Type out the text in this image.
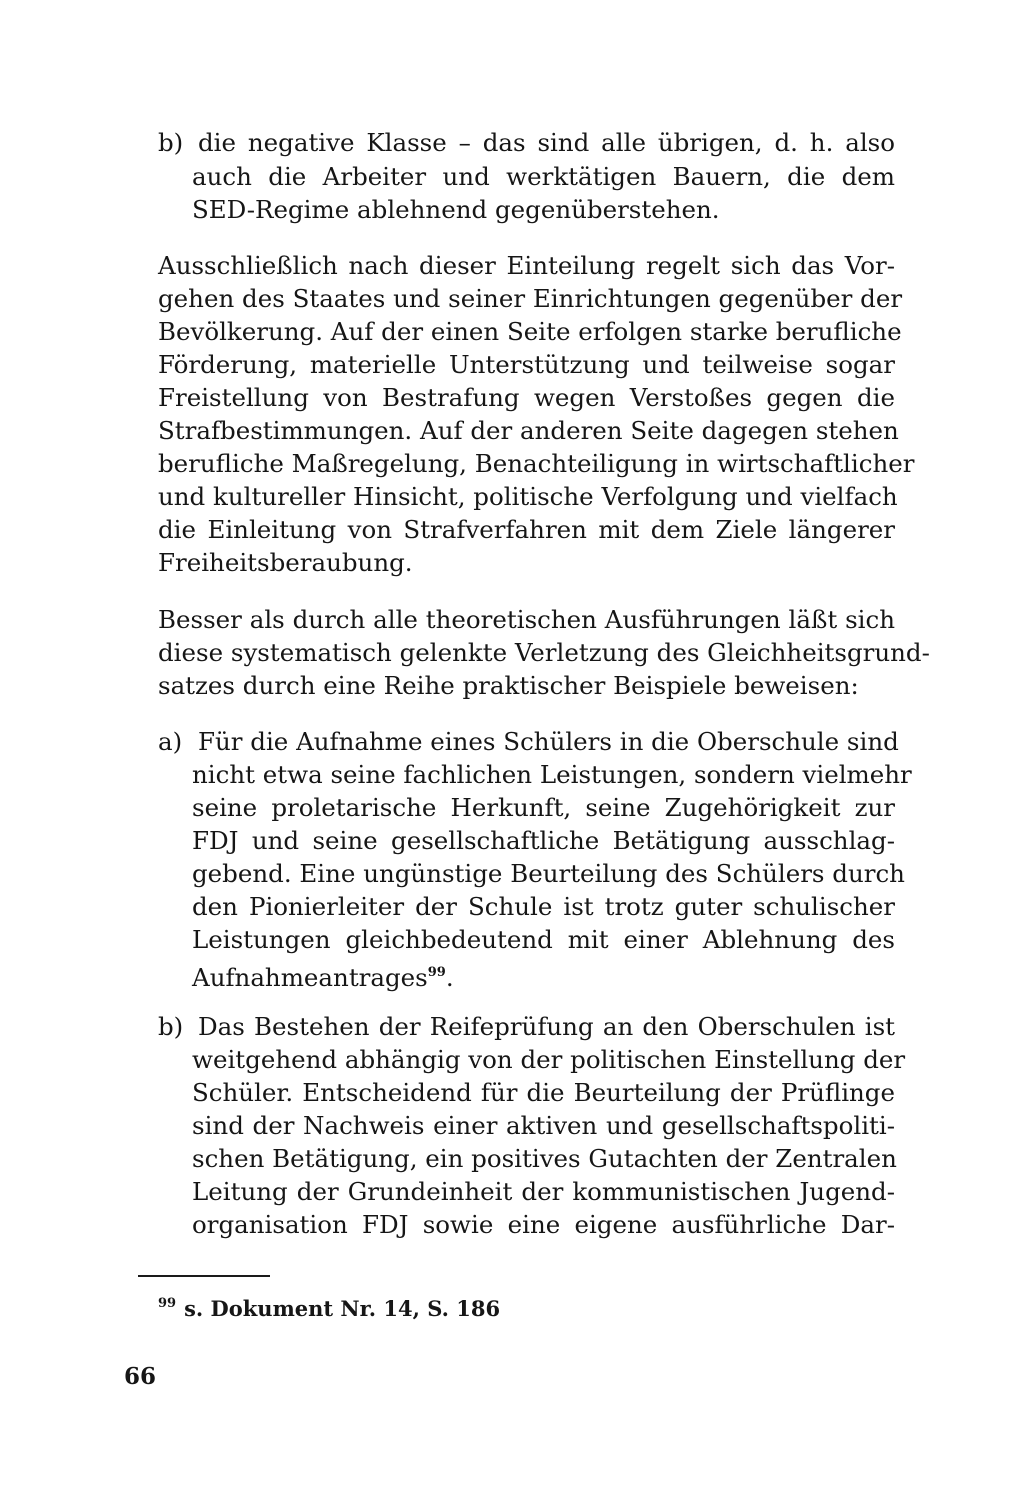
b) die negative Klasse – das sind alle übrigen, d. h. also
auch die Arbeiter und werktätigen Bauern, die dem
SED-Regime ablehnend gegenüberstehen.
Ausschließlich nach dieser Einteilung regelt sich das Vor-
gehen des Staates und seiner Einrichtungen gegenüber der
Bevölkerung. Auf der einen Seite erfolgen starke berufliche
Förderung, materielle Unterstützung und teilweise sogar
Freistellung von Bestrafung wegen Verstoßes gegen die
Strafbestimmungen. Auf der anderen Seite dagegen stehen
berufliche Maßregelung, Benachteiligung in wirtschaftlicher
und kultureller Hinsicht, politische Verfolgung und vielfach
die Einleitung von Strafverfahren mit dem Ziele längerer
Freiheitsberaubung.
Besser als durch alle theoretischen Ausführungen läßt sich
diese systematisch gelenkte Verletzung des Gleichheitsgrund-
satzes durch eine Reihe praktischer Beispiele beweisen:
a) Für die Aufnahme eines Schülers in die Oberschule sind
nicht etwa seine fachlichen Leistungen, sondern vielmehr
seine proletarische Herkunft, seine Zugehörigkeit zur
FDJ und seine gesellschaftliche Betätigung ausschlag-
gebend. Eine ungünstige Beurteilung des Schülers durch
den Pionierleiter der Schule ist trotz guter schulischer
Leistungen gleichbedeutend mit einer Ablehnung des
Aufnahmeantrages$^{99}$.
b) Das Bestehen der Reifeprüfung an den Oberschulen ist
weitgehend abhängig von der politischen Einstellung der
Schüler. Entscheidend für die Beurteilung der Prüflinge
sind der Nachweis einer aktiven und gesellschaftspoliti-
schen Betätigung, ein positives Gutachten der Zentralen
Leitung der Grundeinheit der kommunistischen Jugend-
organisation FDJ sowie eine eigene ausführliche Dar-
$^{99}$ s. Dokument Nr. 14, S. 186
66
